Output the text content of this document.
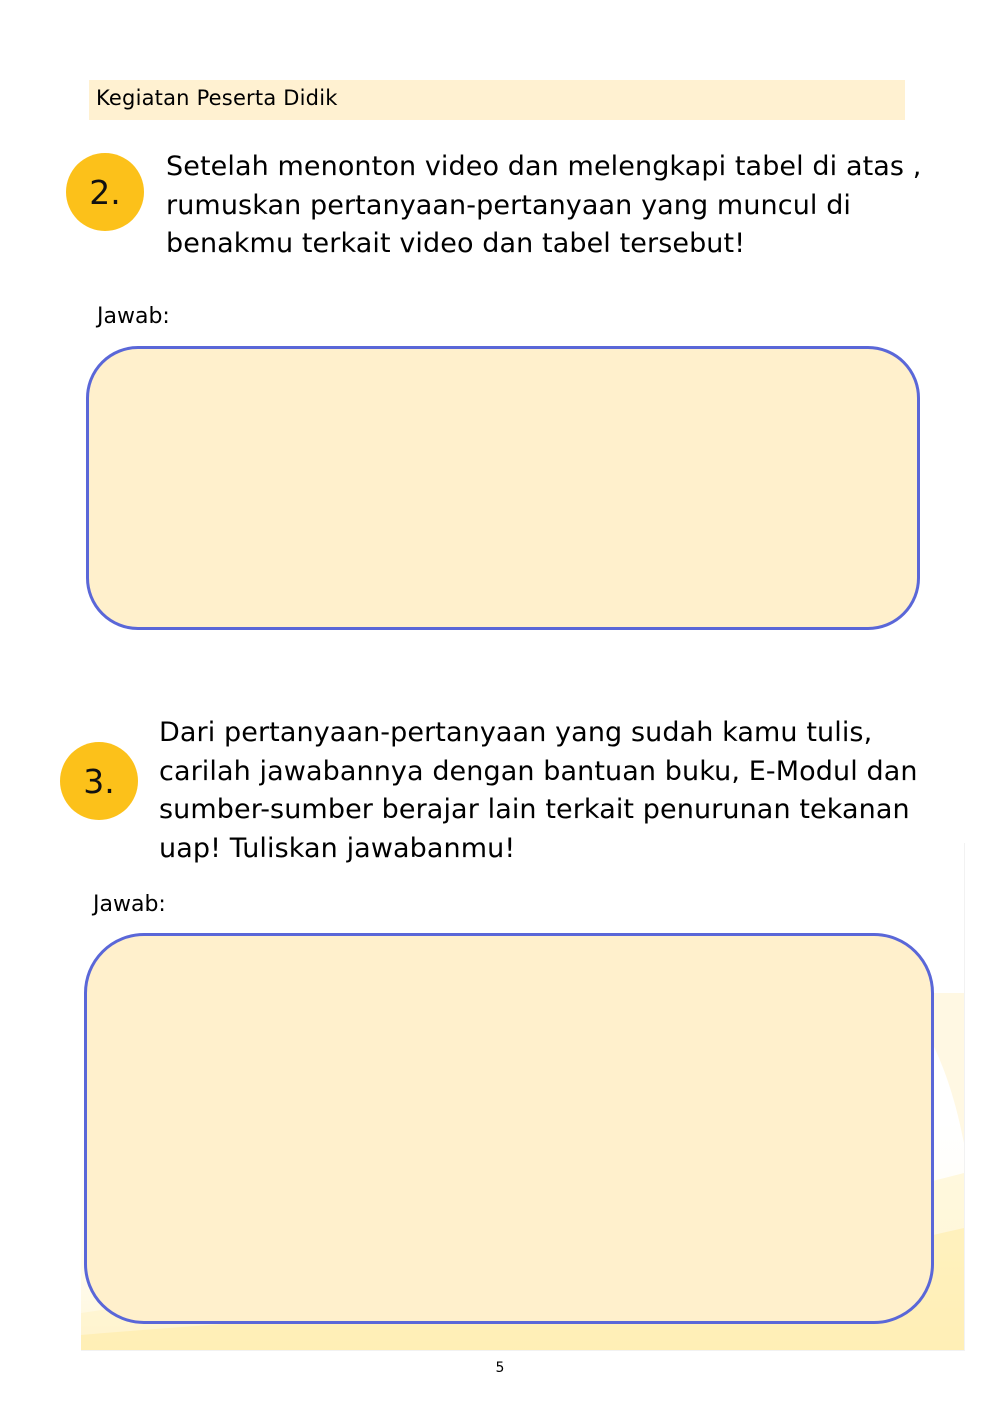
Kegiatan Peserta Didik
2.
Setelah menonton video dan melengkapi tabel di atas ,
rumuskan pertanyaan-pertanyaan yang muncul di
benakmu terkait video dan tabel tersebut!
Jawab:
3.
Dari pertanyaan-pertanyaan yang sudah kamu tulis,
carilah jawabannya dengan bantuan buku, E-Modul dan
sumber-sumber berajar lain terkait penurunan tekanan
uap! Tuliskan jawabanmu!
Jawab:
5
